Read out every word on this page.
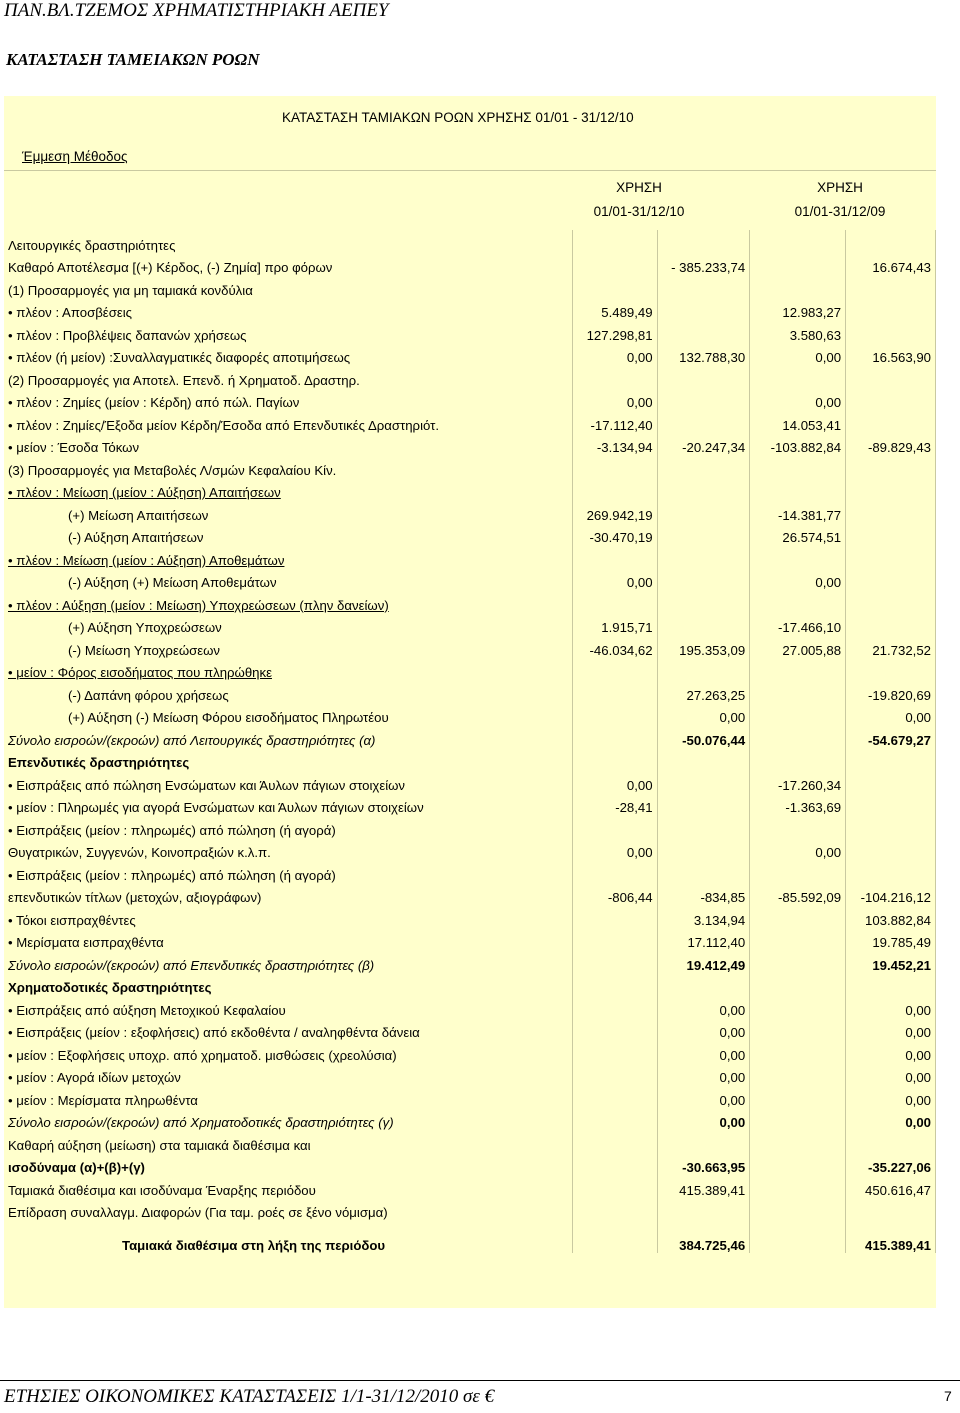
ΠΑΝ.ΒΛ.ΤΖΕΜΟΣ ΧΡΗΜΑΤΙΣΤΗΡΙΑΚΗ ΑΕΠΕΥ
ΚΑΤΑΣΤΑΣΗ ΤΑΜΕΙΑΚΩΝ ΡΟΩΝ
ΚΑΤΑΣΤΑΣΗ ΤΑΜΙΑΚΩΝ ΡΟΩΝ ΧΡΗΣΗΣ 01/01 - 31/12/10
Έμμεση Μέθοδος
ΧΡΗΣΗ
01/01-31/12/10
ΧΡΗΣΗ
01/01-31/12/09
Λειτουργικές δραστηριότητες				
Καθαρό Αποτέλεσμα [(+) Κέρδος, (-) Ζημία] προ φόρων		- 385.233,74		16.674,43
(1) Προσαρμογές για μη ταμιακά κονδύλια				
• πλέον : Αποσβέσεις	5.489,49		12.983,27	
• πλέον : Προβλέψεις δαπανών χρήσεως	127.298,81		3.580,63	
• πλέον (ή μείον) :Συναλλαγματικές διαφορές αποτιμήσεως	0,00	132.788,30	0,00	16.563,90
(2) Προσαρμογές για Αποτελ. Επενδ. ή Χρηματοδ. Δραστηρ.				
• πλέον : Ζημίες (μείον : Κέρδη) από πώλ. Παγίων	0,00		0,00	
• πλέον : Ζημίες/Έξοδα μείον Κέρδη/Έσοδα από Επενδυτικές Δραστηριότ.	-17.112,40		14.053,41	
• μείον : Έσοδα Τόκων	-3.134,94	-20.247,34	-103.882,84	-89.829,43
(3) Προσαρμογές για Μεταβολές Λ/σμών Κεφαλαίου Κίν.				
• πλέον : Μείωση (μείον : Αύξηση) Απαιτήσεων				
(+) Μείωση Απαιτήσεων	269.942,19		-14.381,77	
(-) Αύξηση Απαιτήσεων	-30.470,19		26.574,51	
• πλέον : Μείωση (μείον : Αύξηση) Αποθεμάτων				
(-) Αύξηση (+) Μείωση Αποθεμάτων	0,00		0,00	
• πλέον : Αύξηση (μείον : Μείωση) Υποχρεώσεων (πλην δανείων)				
(+) Αύξηση Υποχρεώσεων	1.915,71		-17.466,10	
(-) Μείωση Υποχρεώσεων	-46.034,62	195.353,09	27.005,88	21.732,52
• μείον : Φόρος εισοδήματος που πληρώθηκε				
(-) Δαπάνη φόρου χρήσεως		27.263,25		-19.820,69
(+) Αύξηση (-) Μείωση Φόρου εισοδήματος Πληρωτέου		0,00		0,00
Σύνολο εισροών/(εκροών) από Λειτουργικές δραστηριότητες (α)		-50.076,44		-54.679,27
Επενδυτικές δραστηριότητες				
• Εισπράξεις από πώληση Ενσώματων και Άυλων πάγιων στοιχείων	0,00		-17.260,34	
• μείον : Πληρωμές για αγορά Ενσώματων και Άυλων πάγιων στοιχείων	-28,41		-1.363,69	
• Εισπράξεις (μείον : πληρωμές) από πώληση (ή αγορά)				
Θυγατρικών, Συγγενών, Κοινοπραξιών κ.λ.π.	0,00		0,00	
• Εισπράξεις (μείον : πληρωμές) από πώληση (ή αγορά)				
επενδυτικών τίτλων (μετοχών, αξιογράφων)	-806,44	-834,85	-85.592,09	-104.216,12
• Τόκοι εισπραχθέντες		3.134,94		103.882,84
• Μερίσματα εισπραχθέντα		17.112,40		19.785,49
Σύνολο εισροών/(εκροών) από Επενδυτικές δραστηριότητες (β)		19.412,49		19.452,21
Χρηματοδοτικές δραστηριότητες				
• Εισπράξεις από αύξηση Μετοχικού Κεφαλαίου		0,00		0,00
• Εισπράξεις (μείον : εξοφλήσεις) από εκδοθέντα / αναληφθέντα δάνεια		0,00		0,00
• μείον : Εξοφλήσεις υποχρ. από χρηματοδ. μισθώσεις (χρεολύσια)		0,00		0,00
• μείον : Αγορά ιδίων μετοχών		0,00		0,00
• μείον : Μερίσματα πληρωθέντα		0,00		0,00
Σύνολο εισροών/(εκροών) από Χρηματοδοτικές δραστηριότητες (γ)		0,00		0,00
Καθαρή αύξηση (μείωση) στα ταμιακά διαθέσιμα και				
ισοδύναμα (α)+(β)+(γ)		-30.663,95		-35.227,06
Ταμιακά διαθέσιμα και ισοδύναμα Έναρξης περιόδου		415.389,41		450.616,47
Επίδραση συναλλαγμ. Διαφορών (Για ταμ. ροές σε ξένο νόμισμα)				

Ταμιακά διαθέσιμα στη λήξη της περιόδου		384.725,46		415.389,41
ΕΤΗΣΙΕΣ ΟΙΚΟΝΟΜΙΚΕΣ ΚΑΤΑΣΤΑΣΕΙΣ 1/1-31/12/2010 σε €	7
